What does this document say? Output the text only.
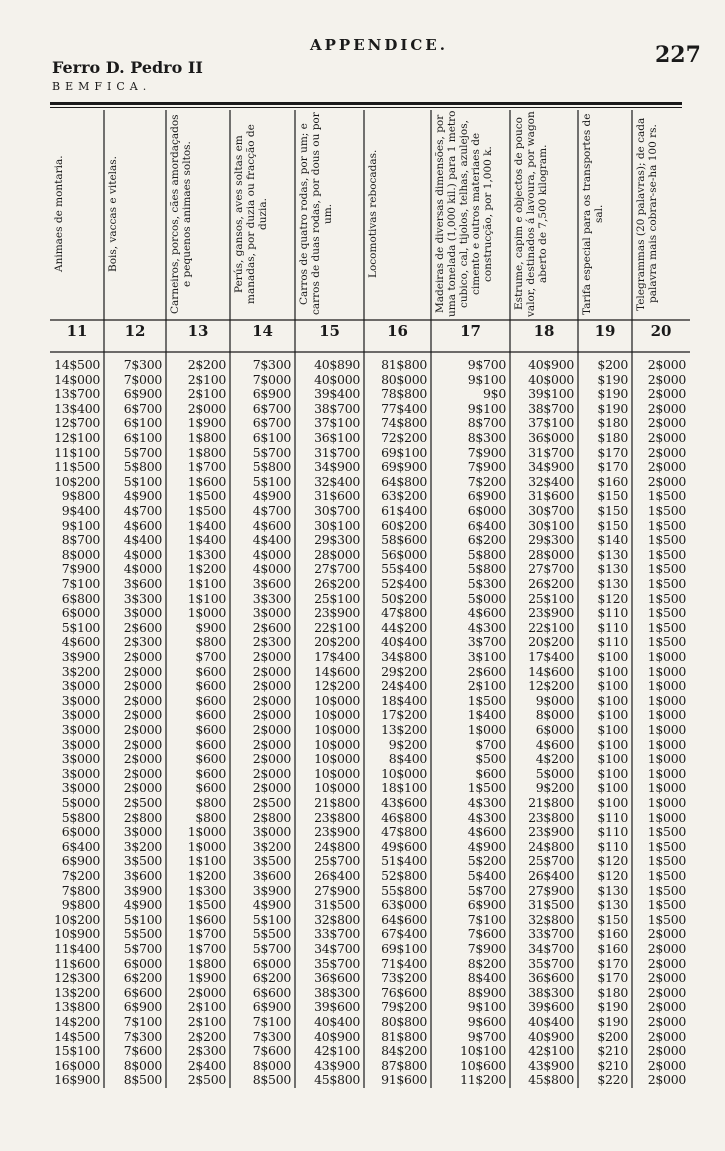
APPENDICE.	227
Ferro D. Pedro II
BEMFICA.
Animaes de montaria.
11
Bois, vaccas e vitelas.
12
Carneiros, porcos, cães amordaçados e pequenos animaes soltos.
13
Perús, gansos, aves soltas em manadas, por duzia ou fracção de duzia.
14
Carros de quatro rodas, por um; e carros de duas rodas, por dous ou por um.
15
Locomotivas rebocadas.
16
Madeiras de diversas dimensões, por uma tonelada (1,000 kil.) para 1 metro cubico, cal, tijolos, telhas, azulejos, cimento e outros materiaes de construcção, por 1,000 k.
17
Estrume, capim e objectos de pouco valor, destinados á lavoura, por wagon aberto de 7,500 kilogram.
18
Tarifa especial para os transportes de sal.
19
Telegrammas (20 palavras); de cada palavra mais cobrar-se-ha 100 rs.
20
14$500	7$300	2$200	7$300	40$890	81$800	9$700	40$900	$200	2$000
14$000	7$000	2$100	7$000	40$000	80$000	9$100	40$000	$190	2$000
13$700	6$900	2$100	6$900	39$400	78$800	9$0	39$100	$190	2$000
13$400	6$700	2$000	6$700	38$700	77$400	9$100	38$700	$190	2$000
12$700	6$100	1$900	6$700	37$100	74$800	8$700	37$100	$180	2$000
12$100	6$100	1$800	6$100	36$100	72$200	8$300	36$000	$180	2$000
11$100	5$700	1$800	5$700	31$700	69$100	7$900	31$700	$170	2$000
11$500	5$800	1$700	5$800	34$900	69$900	7$900	34$900	$170	2$000
10$200	5$100	1$600	5$100	32$400	64$800	7$200	32$400	$160	2$000
9$800	4$900	1$500	4$900	31$600	63$200	6$900	31$600	$150	1$500
9$400	4$700	1$500	4$700	30$700	61$400	6$000	30$700	$150	1$500
9$100	4$600	1$400	4$600	30$100	60$200	6$400	30$100	$150	1$500
8$700	4$400	1$400	4$400	29$300	58$600	6$200	29$300	$140	1$500
8$000	4$000	1$300	4$000	28$000	56$000	5$800	28$000	$130	1$500
7$900	4$000	1$200	4$000	27$700	55$400	5$800	27$700	$130	1$500
7$100	3$600	1$100	3$600	26$200	52$400	5$300	26$200	$130	1$500
6$800	3$300	1$100	3$300	25$100	50$200	5$000	25$100	$120	1$500
6$000	3$000	1$000	3$000	23$900	47$800	4$600	23$900	$110	1$500
5$100	2$600	$900	2$600	22$100	44$200	4$300	22$100	$110	1$500
4$600	2$300	$800	2$300	20$200	40$400	3$700	20$200	$110	1$500
3$900	2$000	$700	2$000	17$400	34$800	3$100	17$400	$100	1$000
3$200	2$000	$600	2$000	14$600	29$200	2$600	14$600	$100	1$000
3$000	2$000	$600	2$000	12$200	24$400	2$100	12$200	$100	1$000
3$000	2$000	$600	2$000	10$000	18$400	1$500	9$000	$100	1$000
3$000	2$000	$600	2$000	10$000	17$200	1$400	8$000	$100	1$000
3$000	2$000	$600	2$000	10$000	13$200	1$000	6$000	$100	1$000
3$000	2$000	$600	2$000	10$000	9$200	$700	4$600	$100	1$000
3$000	2$000	$600	2$000	10$000	8$400	$500	4$200	$100	1$000
3$000	2$000	$600	2$000	10$000	10$000	$600	5$000	$100	1$000
3$000	2$000	$600	2$000	10$000	18$100	1$500	9$200	$100	1$000
5$000	2$500	$800	2$500	21$800	43$600	4$300	21$800	$100	1$000
5$800	2$800	$800	2$800	23$800	46$800	4$300	23$800	$110	1$000
6$000	3$000	1$000	3$000	23$900	47$800	4$600	23$900	$110	1$500
6$400	3$200	1$000	3$200	24$800	49$600	4$900	24$800	$110	1$500
6$900	3$500	1$100	3$500	25$700	51$400	5$200	25$700	$120	1$500
7$200	3$600	1$200	3$600	26$400	52$800	5$400	26$400	$120	1$500
7$800	3$900	1$300	3$900	27$900	55$800	5$700	27$900	$130	1$500
9$800	4$900	1$500	4$900	31$500	63$000	6$900	31$500	$130	1$500
10$200	5$100	1$600	5$100	32$800	64$600	7$100	32$800	$150	1$500
10$900	5$500	1$700	5$500	33$700	67$400	7$600	33$700	$160	2$000
11$400	5$700	1$700	5$700	34$700	69$100	7$900	34$700	$160	2$000
11$600	6$000	1$800	6$000	35$700	71$400	8$200	35$700	$170	2$000
12$300	6$200	1$900	6$200	36$600	73$200	8$400	36$600	$170	2$000
13$200	6$600	2$000	6$600	38$300	76$600	8$900	38$300	$180	2$000
13$800	6$900	2$100	6$900	39$600	79$200	9$100	39$600	$190	2$000
14$200	7$100	2$100	7$100	40$400	80$800	9$600	40$400	$190	2$000
14$500	7$300	2$200	7$300	40$900	81$800	9$700	40$900	$200	2$000
15$100	7$600	2$300	7$600	42$100	84$200	10$100	42$100	$210	2$000
16$000	8$000	2$400	8$000	43$900	87$800	10$600	43$900	$210	2$000
16$900	8$500	2$500	8$500	45$800	91$600	11$200	45$800	$220	2$000
